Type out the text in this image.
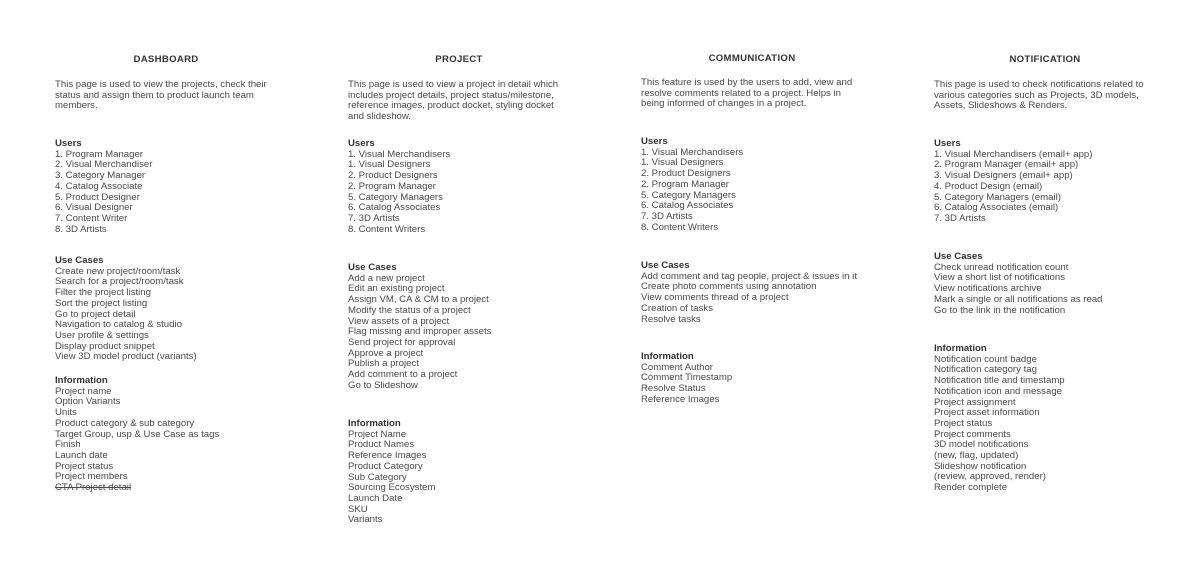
DASHBOARD
This page is used to view the projects, check their status and assign them to product launch team members.
Users
1. Program Manager
2. Visual Merchandiser
3. Category Manager
4. Catalog Associate
5. Product Designer
6. Visual Designer
7. Content Writer
8. 3D Artists
Use Cases
Create new project/room/task
Search for a project/room/task
Filter the project listing
Sort the project listing
Go to project detail
Navigation to catalog & studio
User profile & settings
Display product snippet
View 3D model product (variants)
Information
Project name
Option Variants
Units
Product category & sub category
Target Group, usp & Use Case as tags
Finish
Launch date
Project status
Project members
CTA Project detail
PROJECT
This page is used to view a project in detail which includes project details, project status/milestone, reference images, product docket, styling docket and slideshow.
Users
1. Visual Merchandisers
1. Visual Designers
2. Product Designers
2. Program Manager
5. Category Managers
6. Catalog Associates
7. 3D Artists
8. Content Writers
Use Cases
Add a new project
Edit an existing project
Assign VM, CA & CM to a project
Modify the status of a project
View assets of a project
Flag missing and improper assets
Send project for approval
Approve a project
Publish a project
Add comment to a project
Go to Slideshow
Information
Project Name
Product Names
Reference Images
Product Category
Sub Category
Sourcing Ecosystem
Launch Date
SKU
Variants
COMMUNICATION
This feature is used by the users to add, view and resolve comments related to a project. Helps in being informed of changes in a project.
Users
1. Visual Merchandisers
1. Visual Designers
2. Product Designers
2. Program Manager
5. Category Managers
6. Catalog Associates
7. 3D Artists
8. Content Writers
Use Cases
Add comment and tag people, project & issues in it
Create photo comments using annotation
View comments thread of a project
Creation of tasks
Resolve tasks
Information
Comment Author
Comment Timestamp
Resolve Status
Reference Images
NOTIFICATION
This page is used to check notifications related to various categories such as Projects, 3D models, Assets, Slideshows & Renders.
Users
1. Visual Merchandisers (email+ app)
2. Program Manager (email+ app)
3. Visual Designers (email+ app)
4. Product Design (email)
5. Category Managers (email)
6. Catalog Associates (email)
7. 3D Artists
Use Cases
Check unread notification count
View a short list of notifications
View notifications archive
Mark a single or all notifications as read
Go to the link in the notification
Information
Notification count badge
Notification category tag
Notification title and timestamp
Notification icon and message
Project assignment
Project asset information
Project status
Project comments
3D model notifications
(new, flag, updated)
Slideshow notification
(review, approved, render)
Render complete
